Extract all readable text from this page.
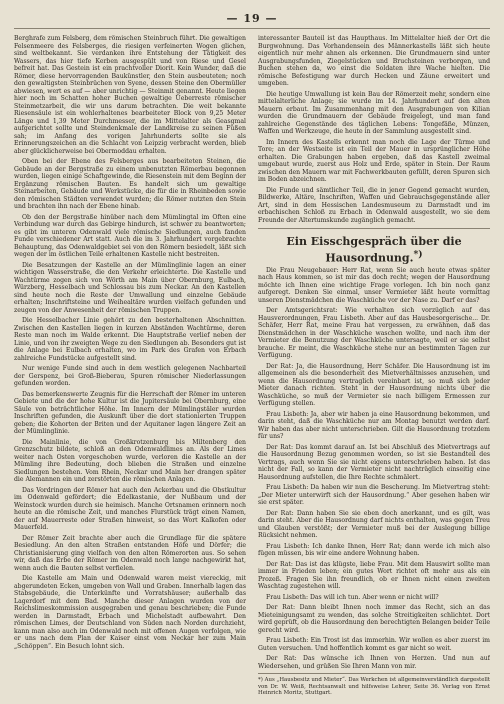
— 19 —

Berghrafe zum Felsberg, dem römischen Steinbruch führt. Die gewaltigen Felsenmeere des Felsberges, die riesigen verfeinerten Wogen glichen, sind weltbekannt. Sie verdanken ihre Entstehung der Tätigkeit des Wassers, das hier tiefe Kerben ausgespült und von Riese und Gesel befreit hat. Das Gestein ist ein prachtvoller Diorit. Kein Wunder, daß die Römer, diese hervorragenden Baukünstler, den Stein ausbeuteten; noch den gewaltigsten Steinbrüchen von Syene, dessen Steine den Obermüller abwiesen, wert es auf — aber unrichtig — Steinmit genannt. Heute liegen hier noch im Schatten hoher Buchen gewaltige Ueberreste römischer Steinmetzarbeit, die wir uns darum betrachten. Die weit bekannte Riesensäule ist ein wohlerhaltenes bearbeiteter Block von 9,25 Meter Länge und 1,39 Meter Durchmesser, die im Mittelalter als Geasgmal aufgerichtet sollte und Steindenkmale der Landkreise zu seinen Füßen sah; im Anfang des vorigen Jahrhunderts sollte sie als Erinnerungszeichen an die Schlacht von Leipzig verbracht werden, blieb aber glücklicherweise bei Obermoddau erhalten.

Oben bei der Ebene des Felsberges aus bearbeiteten Steinen, die Gebäude an der Bergstraße zu einem unbenutzten Römerbau begonnen wurden, liegen einige Schaftgewinde, die Riesenstein mit dem Beginn der Ergänzung römischen Bauten. Es handelt sich um gewaltige Steinarbeiten, Gebäude und Werkstücke, die für die in Rheinbeden sowie den römischen Städten verwendet wurden; die Römer nutzten den Stein und brachten ihn nach der Ebene hinab.

Ob den der Bergstraße hinüber nach dem Mümlingtal im Often eine Verbindung war durch das Gebirge hindurch, ist schwer zu beantworten; es gibt im unteren Odenwald viele römische Siedlungen, auch fanden Funde verschiedener Art statt. Auch die im 3. Jahrhundert vorgebrachte Behauptung, das Odenwaldgebiet sei von den Römern besiedelt, läßt sich wegen der im östlichen Teile erhaltenen Kastelle nicht bestreiten.

Die Besatzungen der Kastelle an der Mümlinglinie lagen an einer wichtigen Wasserstraße, die den Verkehr erleichterte. Die Kastelle und Wachtürme zogen sich von Wörth am Main über Obernburg, Eulbach, Würzberg, Hesselbach und Schlossau bis zum Neckar. An den Kastellen sind heute noch die Reste der Umwallung und einzelne Gebäude erhalten; Inschriftsteine und Weihealtäre wurden vielfach gefunden und zeugen von der Anwesenheit der römischen Truppen.

Die Hesselbacher Linie gehört zu den besterhaltenen Abschnitten. Zwischen den Kastellen liegen in kurzen Abständen Wachtürme, deren Reste man noch im Walde erkennt. Die Hauptstraße verlief neben der Linie, und von ihr zweigten Wege zu den Siedlungen ab. Besonders gut ist die Anlage bei Eulbach erhalten, wo im Park des Grafen von Erbach zahlreiche Fundstücke aufgestellt sind.

Nur wenige Funde sind auch in dem westlich gelegenen Nachbarteil der Gerspenz, bei Groß-Bieberau, Spuren römischer Niederlassungen gefunden worden.

Das bemerkenswerte Zeugnis für die Herrschaft der Römer im unteren Gebiete und die der hohe Kultur ist die Jupitersäule bei Obernburg, eine Säule von beträchtlicher Höhe. Im Innern der Mümlingstäler wurden Inschriften gefunden, die Auskunft über die dort stationierten Truppen geben; die Kohorten der Briten und der Aquitaner lagen längere Zeit an der Mümlinglinie.

Die Mainlinie, die von Großkrotzenburg bis Miltenberg den Grenzschutz bildete, schloß an den Odenwaldlimes an. Als der Limes weiter nach Osten vorgeschoben wurde, verloren die Kastelle an der Mümling ihre Bedeutung, doch blieben die Straßen und einzelne Siedlungen bestehen. Vom Rhein, Neckar und Main her drangen später die Alemannen ein und zerstörten die römischen Anlagen.

Das Vordringen der Römer hat auch den Ackerbau und die Obstkultur im Odenwald gefördert; die Edelkastanie, der Nußbaum und der Weinstock wurden durch sie heimisch. Manche Ortsnamen erinnern noch heute an die römische Zeit, und manches Flurstück trägt einen Namen, der auf Mauerreste oder Straßen hinweist, so das Wort Kalkofen oder Mauerfeld.

Der Römer Zeit brachte aber auch die Grundlage für die spätere Besiedlung. An den alten Straßen entstanden Höfe und Dörfer; die Christianisierung ging vielfach von den alten Römerorten aus. So sehen wir, daß das Erbe der Römer im Odenwald noch lange nachgewirkt hat, wenn auch die Bauten selbst verfielen.

Die Kastelle am Main und Odenwald waren meist viereckig, mit abgerundeten Ecken, umgeben von Wall und Graben. Innerhalb lagen das Stabsgebäude, die Unterkünfte und Vorratshäuser; außerhalb das Lagerdorf mit dem Bad. Manche dieser Anlagen wurden von der Reichslimeskommission ausgegraben und genau beschrieben; die Funde werden in Darmstadt, Erbach und Michelstadt aufbewahrt. Den römischen Limes, der Deutschland von Süden nach Norden durchzieht, kann man also auch im Odenwald noch mit offenen Augen verfolgen, wie er uns nach dem Plan der Kaiser einst vom Neckar her zum Main „Schöppen“. Ein Besuch lohnt sich.

interessanter Bauteil ist das Haupthaus. Im Mittelalter hieß der Ort die Burgwohnung. Das Vorhandensein des Männerkastells läßt sich heute eigentlich nur mehr ahnen als erkennen. Die Grundmauern sind unter Ausgrabungsfunden, Ziegelstücken und Bruchsteinen verborgen, und Buchen stehen da, wo einst die Soldaten ihre Wache hielten. Die römische Befestigung war durch Hecken und Zäune erweitert und umgeben.

Die heutige Umwallung ist kein Bau der Römerzeit mehr, sondern eine mittelalterliche Anlage; sie wurde im 14. Jahrhundert auf den alten Mauern erbaut. Im Zusammenhang mit den Ausgrabungen von Kilian wurden die Grundmauern der Gebäude freigelegt, und man fand zahlreiche Gegenstände des täglichen Lebens: Tongefäße, Münzen, Waffen und Werkzeuge, die heute in der Sammlung ausgestellt sind.

Im Innern des Kastells erkennt man noch die Lage der Türme und Tore; an der Westseite ist ein Teil der Mauer in ursprünglicher Höhe erhalten. Die Grabungen haben ergeben, daß das Kastell zweimal umgebaut wurde, zuerst aus Holz und Erde, später in Stein. Der Raum zwischen den Mauern war mit Fachwerkbauten gefüllt, deren Spuren sich im Boden abzeichnen.

Die Funde und sämtlicher Teil, die in jener Gegend gemacht wurden, Bildwerke, Altäre, Inschriften, Waffen und Gebrauchsgegenstände aller Art, sind in dem Hessischen Landesmuseum zu Darmstadt und im erbachischen Schloß zu Erbach in Odenwald ausgestellt, wo sie dem Freunde der Altertumskunde zugänglich gemacht.

Ein Eisschgespräch über die Hausordnung.*)

Die Frau Neugebauer: Herr Rat, wenn Sie auch heute etwas später nach Haus kommen, so ist mir das doch recht; wegen der Hausordnung möchte ich Ihnen eine wichtige Frage vorlegen. Ich bin noch ganz aufgeregt. Denken Sie einmal, unser Vermieter läßt heute vormittag unseren Dienstmädchen die Waschküche vor der Nase zu. Darf er das?

Der Amtsgerichtsrat: Wie verhalten sich vorzüglich auf das Hausverordnungen, Frau Lisbeth. Aber auf das Hausbesorgerische... Dr. Schäfer, Herr Rat, meine Frau hat vergessen, zu erwähnen, daß das Dienstmädchen in der Waschküche waschen wollte, und nach ihm der Vermieter die Benutzung der Waschküche untersagte, weil er sie selbst brauche. Er meint, die Waschküche stehe nur an bestimmten Tagen zur Verfügung.

Der Rat: Ja, die Hausordnung, Herr Schäfer. Die Hausordnung ist im allgemeinen als die besonderheit des Mietverhältnisses anzusehen, und wenn die Hausordnung vertraglich vereinbart ist, so muß sich jeder Mieter danach richten. Steht in der Hausordnung nichts über die Waschküche, so muß der Vermieter sie nach billigem Ermessen zur Verfügung stellen.

Frau Lisbeth: Ja, aber wir haben ja eine Hausordnung bekommen, und darin steht, daß die Waschküche nur am Montag benutzt werden darf. Wir haben das aber nicht unterschrieben. Gilt die Hausordnung trotzdem für uns?

Der Rat: Das kommt darauf an. Ist bei Abschluß des Mietvertrags auf die Hausordnung Bezug genommen worden, so ist sie Bestandteil des Vertrags, auch wenn Sie sie nicht eigens unterschrieben haben. Ist das nicht der Fall, so kann der Vermieter nicht nachträglich einseitig eine Hausordnung aufstellen, die Ihre Rechte schmälert.

Frau Lisbeth: Da haben wir nun die Bescherung. Im Mietvertrag steht: „Der Mieter unterwirft sich der Hausordnung.“ Aber gesehen haben wir sie erst später.

Der Rat: Dann haben Sie sie eben doch anerkannt, und es gilt, was darin steht. Aber die Hausordnung darf nichts enthalten, was gegen Treu und Glauben verstößt; der Vermieter muß bei der Auslegung billige Rücksicht nehmen.

Frau Lisbeth: Ich danke Ihnen, Herr Rat; dann werde ich mich also fügen müssen, bis wir eine andere Wohnung haben.

Der Rat: Das ist das klügste, liebe Frau. Mit dem Hauswirt sollte man immer in Frieden leben; ein gutes Wort richtet oft mehr aus als ein Prozeß. Fragen Sie ihn freundlich, ob er Ihnen nicht einen zweiten Waschtag zugestehen will.

Frau Lisbeth: Das will ich tun. Aber wenn er nicht will?

Der Rat: Dann bleibt Ihnen noch immer das Recht, sich an das Mieteinigungsamt zu wenden, das solche Streitigkeiten schlichtet. Dort wird geprüft, ob die Hausordnung den berechtigten Belangen beider Teile gerecht wird.

Frau Lisbeth: Ein Trost ist das immerhin. Wir wollen es aber zuerst im Guten versuchen. Und hoffentlich kommt es gar nicht so weit.

Der Rat: Das wünsche ich Ihnen von Herzen. Und nun auf Wiedersehen, und grüßen Sie Ihren Mann von mir.

*) Aus „Hausbesitz und Mieter“. Das Werkchen ist allgemeinverständlich dargestellt von Dr. W. Weiß, Rechtsanwalt und hilfsweise Lehrer, Seite 36. Verlag von Ernst Heinrich Moritz, Stuttgart.
